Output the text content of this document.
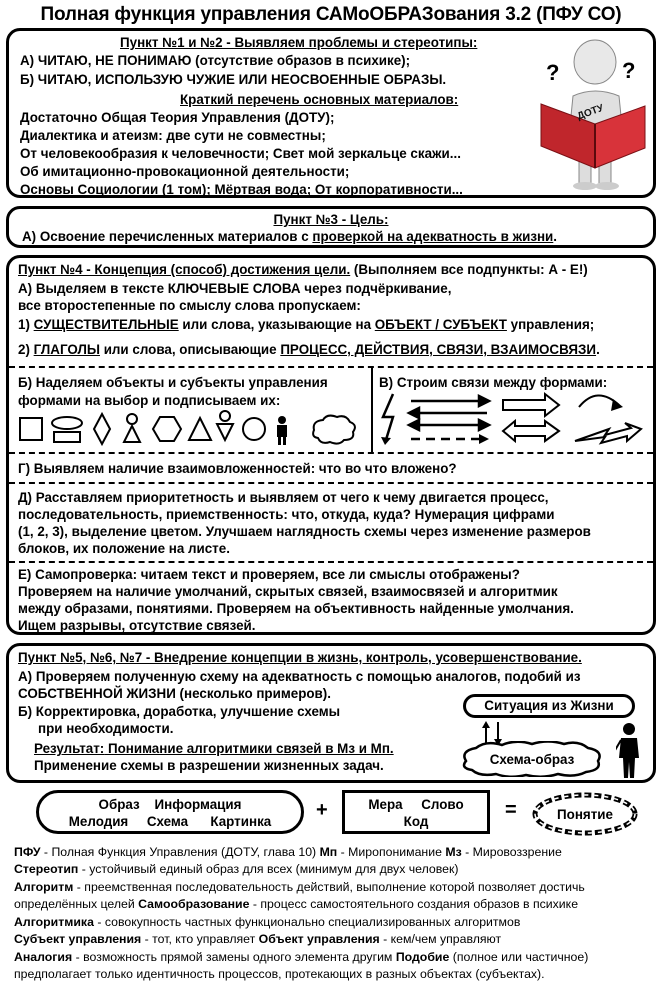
Полная функция управления САМоОБРАЗования 3.2 (ПФУ СО)
Пункт №1 и №2 - Выявляем проблемы и стереотипы:
А) ЧИТАЮ, НЕ ПОНИМАЮ (отсутствие образов в психике);
Б) ЧИТАЮ, ИСПОЛЬЗУЮ ЧУЖИЕ ИЛИ НЕОСВОЕННЫЕ ОБРАЗЫ.
Краткий перечень основных материалов:
Достаточно Общая Теория Управления (ДОТУ);
Диалектика и атеизм: две сути не совместны;
От человекообразия к человечности; Свет мой зеркальце скажи...
Об имитационно-провокационной деятельности;
Основы Социологии (1 том); Мёртвая вода; От корпоративности...
?	?
ДОТУ
Пункт №3 - Цель:
А) Освоение перечисленных материалов с проверкой на адекватность в жизни.
Пункт №4 - Концепция (способ) достижения цели. (Выполняем все подпункты: А - Е!)
А) Выделяем в тексте КЛЮЧЕВЫЕ СЛОВА через подчёркивание,
все второстепенные по смыслу слова пропускаем:
1) СУЩЕСТВИТЕЛЬНЫЕ или слова, указывающие на ОБЪЕКТ / СУБЪЕКТ управления;
2) ГЛАГОЛЫ или слова, описывающие ПРОЦЕСС, ДЕЙСТВИЯ, СВЯЗИ, ВЗАИМОСВЯЗИ.
Б) Наделяем объекты и субъекты управления
формами на выбор и подписываем их:
В) Строим связи между формами:
Г) Выявляем наличие взаимовложенностей: что во что вложено?
Д) Расставляем приоритетность и выявляем от чего к чему двигается процесс,
последовательность, приемственность: что, откуда, куда? Нумерация цифрами
(1, 2, 3), выделение цветом. Улучшаем наглядность схемы через изменение размеров
блоков, их положение на листе.
Е) Самопроверка: читаем текст и проверяем, все ли смыслы отображены?
Проверяем на наличие умолчаний, скрытых связей, взаимосвязей и алгоритмик
между образами, понятиями. Проверяем на объективность найденные умолчания.
Ищем разрывы, отсутствие связей.
Пункт №5, №6, №7 - Внедрение концепции в жизнь, контроль, усовершенствование.
А) Проверяем полученную схему на адекватность с помощью аналогов, подобий из
СОБСТВЕННОЙ ЖИЗНИ (несколько примеров).
Б) Корректировка, доработка, улучшение схемы
при необходимости.
Результат: Понимание алгоритмики связей в Мз и Мп.
Применение схемы в разрешении жизненных задач.
Ситуация из Жизни
Схема-образ
Образ    Информация
Мелодия     Схема      Картинка
+	Мера     Слово
Код
=	Понятие
ПФУ - Полная Функция Управления (ДОТУ, глава 10) Мп - Миропонимание Мз - Мировоззрение
Стереотип - устойчивый единый образ для всех (минимум для двух человек)
Алгоритм - преемственная последовательность действий, выполнение которой позволяет достичь
определённых целей Самообразование - процесс самостоятельного создания образов в психике
Алгоритмика - совокупность частных функционально специализированных алгоритмов
Субъект управления - тот, кто управляет Объект управления - кем/чем управляют
Аналогия - возможность прямой замены одного элемента другим Подобие (полное или частичное)
предполагает только идентичность процессов, протекающих в разных объектах (субъектах).
